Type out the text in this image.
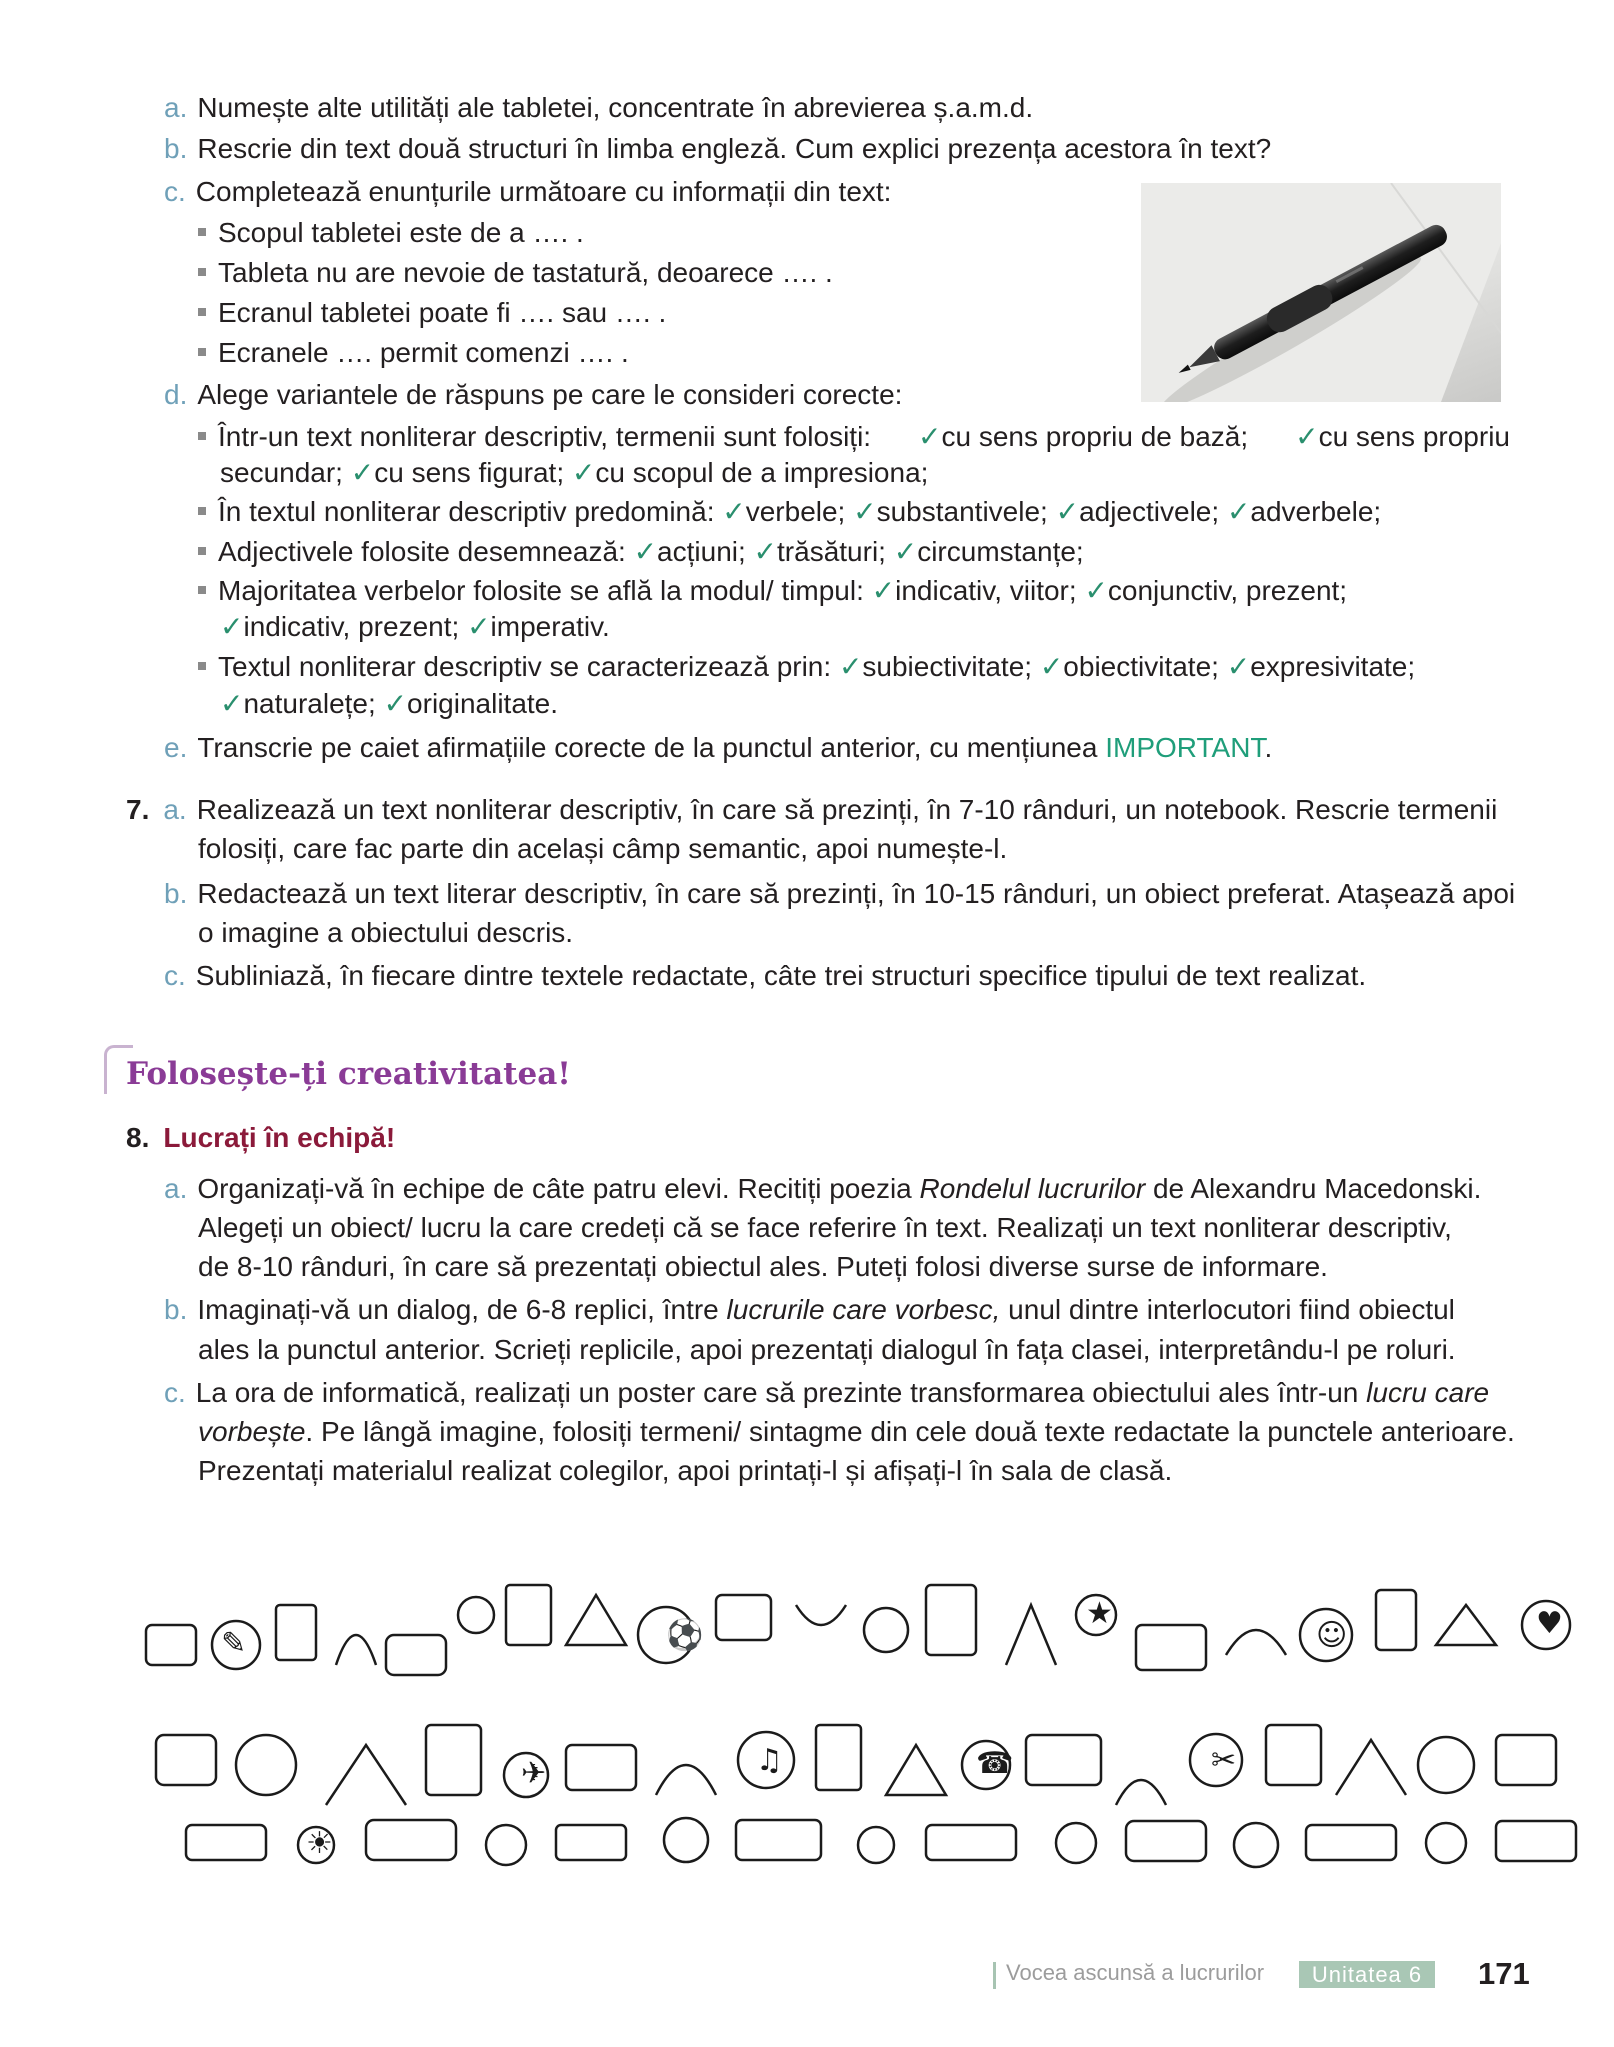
a. Numește alte utilități ale tabletei, concentrate în abrevierea ș.a.m.d.
b. Rescrie din text două structuri în limba engleză. Cum explici prezența acestora în text?
c. Completează enunțurile următoare cu informații din text:
Scopul tabletei este de a …. .
Tableta nu are nevoie de tastatură, deoarece …. .
Ecranul tabletei poate fi …. sau …. .
Ecranele …. permit comenzi …. .
d. Alege variantele de răspuns pe care le consideri corecte:
Într-un text nonliterar descriptiv, termenii sunt folosiți: ✓cu sens propriu de bază; ✓cu sens propriu
secundar; ✓cu sens figurat; ✓cu scopul de a impresiona;
În textul nonliterar descriptiv predomină: ✓verbele; ✓substantivele; ✓adjectivele; ✓adverbele;
Adjectivele folosite desemnează: ✓acțiuni; ✓trăsături; ✓circumstanțe;
Majoritatea verbelor folosite se află la modul/ timpul: ✓indicativ, viitor; ✓conjunctiv, prezent;
✓indicativ, prezent; ✓imperativ.
Textul nonliterar descriptiv se caracterizează prin: ✓subiectivitate; ✓obiectivitate; ✓expresivitate;
✓naturalețe; ✓originalitate.
e. Transcrie pe caiet afirmațiile corecte de la punctul anterior, cu mențiunea IMPORTANT.
7. a. Realizează un text nonliterar descriptiv, în care să prezinți, în 7-10 rânduri, un notebook. Rescrie termenii
folosiți, care fac parte din același câmp semantic, apoi numește-l.
b. Redactează un text literar descriptiv, în care să prezinți, în 10-15 rânduri, un obiect preferat. Atașează apoi
o imagine a obiectului descris.
c. Subliniază, în fiecare dintre textele redactate, câte trei structuri specifice tipului de text realizat.
Folosește-ți creativitatea!
8. Lucrați în echipă!
a. Organizați-vă în echipe de câte patru elevi. Recitiți poezia Rondelul lucrurilor de Alexandru Macedonski.
Alegeți un obiect/ lucru la care credeți că se face referire în text. Realizați un text nonliterar descriptiv,
de 8-10 rânduri, în care să prezentați obiectul ales. Puteți folosi diverse surse de informare.
b. Imaginați-vă un dialog, de 6-8 replici, între lucrurile care vorbesc, unul dintre interlocutori fiind obiectul
ales la punctul anterior. Scrieți replicile, apoi prezentați dialogul în fața clasei, interpretându-l pe roluri.
c. La ora de informatică, realizați un poster care să prezinte transformarea obiectului ales într-un lucru care
vorbește. Pe lângă imagine, folosiți termeni/ sintagme din cele două texte redactate la punctele anterioare.
Prezentați materialul realizat colegilor, apoi printați-l și afișați-l în sala de clasă.
⚽
✎
✂
♫	☎
☺
★
✈
♥
☀
Vocea ascunsă a lucrurilor	Unitatea 6	171
